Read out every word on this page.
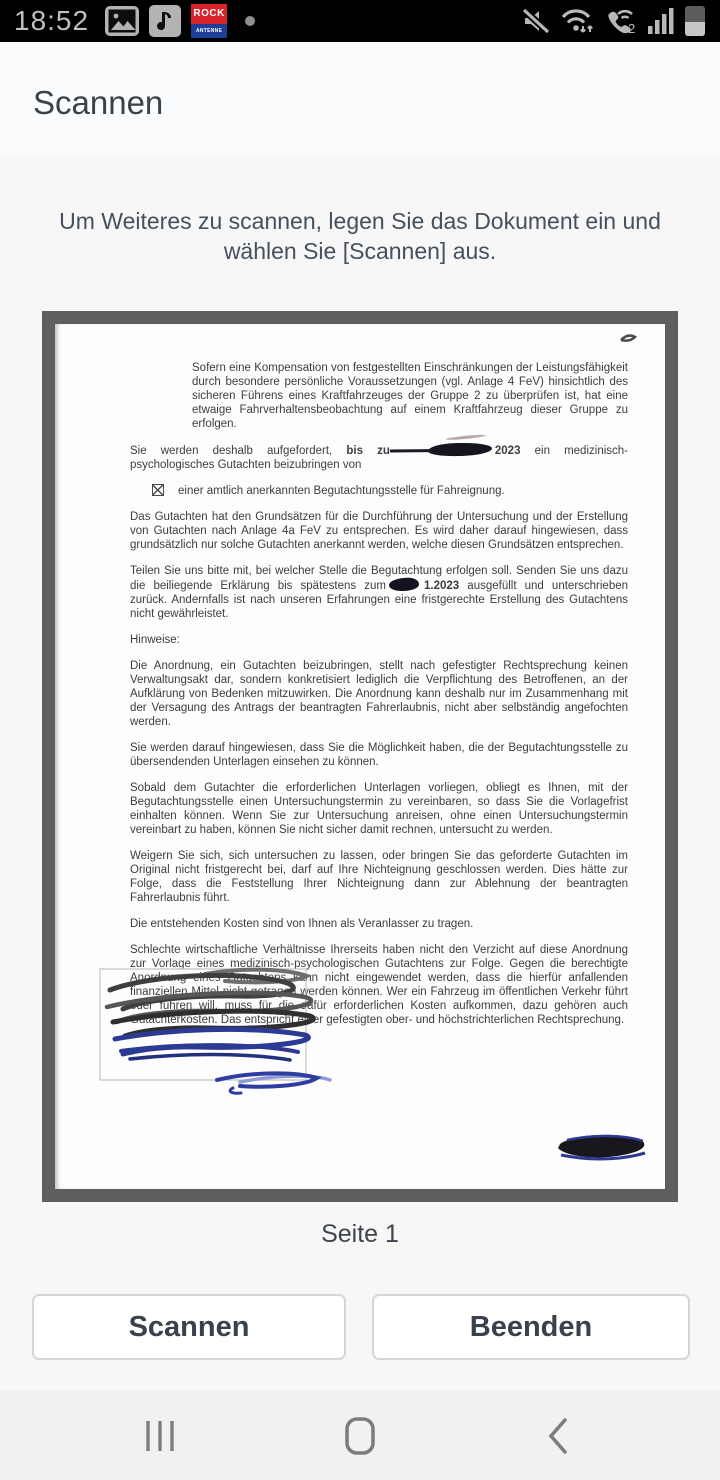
18:52	ROCK
ANTENNE	2
Scannen

Um Weiteres zu scannen, legen Sie das Dokument ein und wählen Sie [Scannen] aus.

Sofern eine Kompensation von festgestellten Einschränkungen der Leistungsfähigkeit durch besondere persönliche Voraussetzungen (vgl. Anlage 4 FeV) hinsichtlich des sicheren Führens eines Kraftfahrzeuges der Gruppe 2 zu überprüfen ist, hat eine etwaige Fahrverhaltensbeobachtung auf einem Kraftfahrzeug dieser Gruppe zu erfolgen.

Sie werden deshalb aufgefordert, bis zu	2023 ein medizinisch-psychologisches Gutachten beizubringen von

einer amtlich anerkannten Begutachtungsstelle für Fahreignung.

Das Gutachten hat den Grundsätzen für die Durchführung der Untersuchung und der Erstellung von Gutachten nach Anlage 4a FeV zu entsprechen. Es wird daher darauf hingewiesen, dass grundsätzlich nur solche Gutachten anerkannt werden, welche diesen Grundsätzen entsprechen.

Teilen Sie uns bitte mit, bei welcher Stelle die Begutachtung erfolgen soll. Senden Sie uns dazu die beiliegende Erklärung bis spätestens zum	1.2023 ausgefüllt und unterschrieben zurück. Andernfalls ist nach unseren Erfahrungen eine fristgerechte Erstellung des Gutachtens nicht gewährleistet.

Hinweise:

Die Anordnung, ein Gutachten beizubringen, stellt nach gefestigter Rechtsprechung keinen Verwaltungsakt dar, sondern konkretisiert lediglich die Verpflichtung des Betroffenen, an der Aufklärung von Bedenken mitzuwirken. Die Anordnung kann deshalb nur im Zusammenhang mit der Versagung des Antrags der beantragten Fahrerlaubnis, nicht aber selbständig angefochten werden.

Sie werden darauf hingewiesen, dass Sie die Möglichkeit haben, die der Begutachtungsstelle zu übersendenden Unterlagen einsehen zu können.

Sobald dem Gutachter die erforderlichen Unterlagen vorliegen, obliegt es Ihnen, mit der Begutachtungsstelle einen Untersuchungstermin zu vereinbaren, so dass Sie die Vorlagefrist einhalten können. Wenn Sie zur Untersuchung anreisen, ohne einen Untersuchungstermin vereinbart zu haben, können Sie nicht sicher damit rechnen, untersucht zu werden.

Weigern Sie sich, sich untersuchen zu lassen, oder bringen Sie das geforderte Gutachten im Original nicht fristgerecht bei, darf auf Ihre Nichteignung geschlossen werden. Dies hätte zur Folge, dass die Feststellung Ihrer Nichteignung dann zur Ablehnung der beantragten Fahrerlaubnis führt.

Die entstehenden Kosten sind von Ihnen als Veranlasser zu tragen.

Schlechte wirtschaftliche Verhältnisse Ihrerseits haben nicht den Verzicht auf diese Anordnung zur Vorlage eines medizinisch-psychologischen Gutachtens zur Folge. Gegen die berechtigte Anordnung eines Gutachtens kann nicht eingewendet werden, dass die hierfür anfallenden finanziellen Mittel nicht getragen werden können. Wer ein Fahrzeug im öffentlichen Verkehr führt oder führen will, muss für die dafür erforderlichen Kosten aufkommen, dazu gehören auch Gutachterkosten. Das entspricht einer gefestigten ober- und höchstrichterlichen Rechtsprechung.

Seite 1
Scannen	Beenden
